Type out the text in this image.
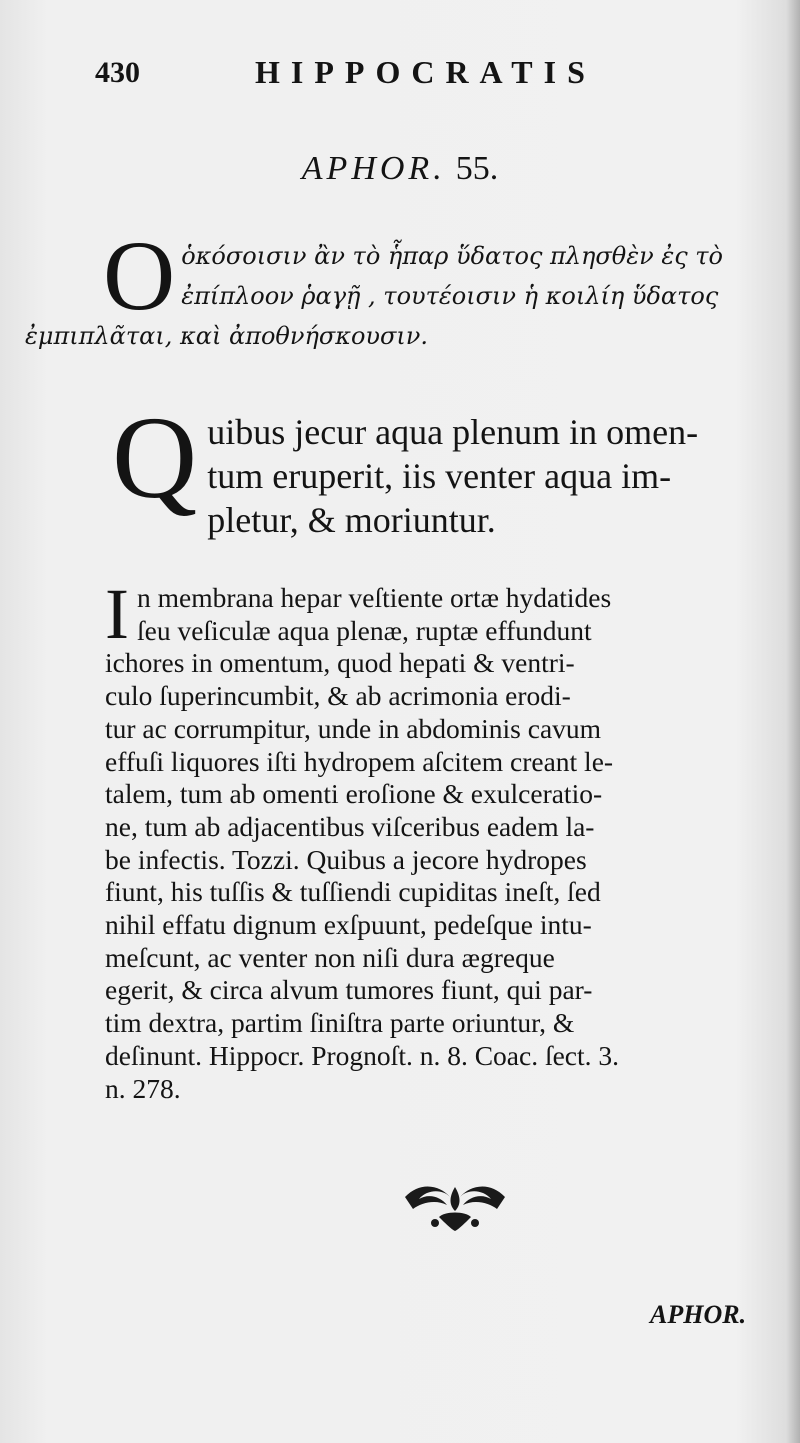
430	HIPPOCRATIS
APHOR. 55.
Ο ὁκόσοισιν ἂν τὸ ἧπαρ ὕδατος πλησθὲν ἐς τὸ
ἐπίπλοον ῥαγῇ , τουτέοισιν ἡ κοιλίη ὕδατος
ἐμπιπλᾶται, καὶ ἀποθνήσκουσιν.
Q uibus jecur aqua plenum in omen-
tum eruperit, iis venter aqua im-
pletur, & moriuntur.
I n membrana hepar veſtiente ortæ hydatides
ſeu veſiculæ aqua plenæ, ruptæ effundunt
ichores in omentum, quod hepati & ventri-
culo ſuperincumbit, & ab acrimonia erodi-
tur ac corrumpitur, unde in abdominis cavum
effuſi liquores iſti hydropem aſcitem creant le-
talem, tum ab omenti eroſione & exulceratio-
ne, tum ab adjacentibus viſceribus eadem la-
be infectis. Tozzi. Quibus a jecore hydropes
fiunt, his tuſſis & tuſſiendi cupiditas ineſt, ſed
nihil effatu dignum exſpuunt, pedeſque intu-
meſcunt, ac venter non niſi dura ægreque
egerit, & circa alvum tumores fiunt, qui par-
tim dextra, partim ſiniſtra parte oriuntur, &
deſinunt. Hippocr. Prognoſt. n. 8. Coac. ſect. 3.
n. 278.
APHOR.
